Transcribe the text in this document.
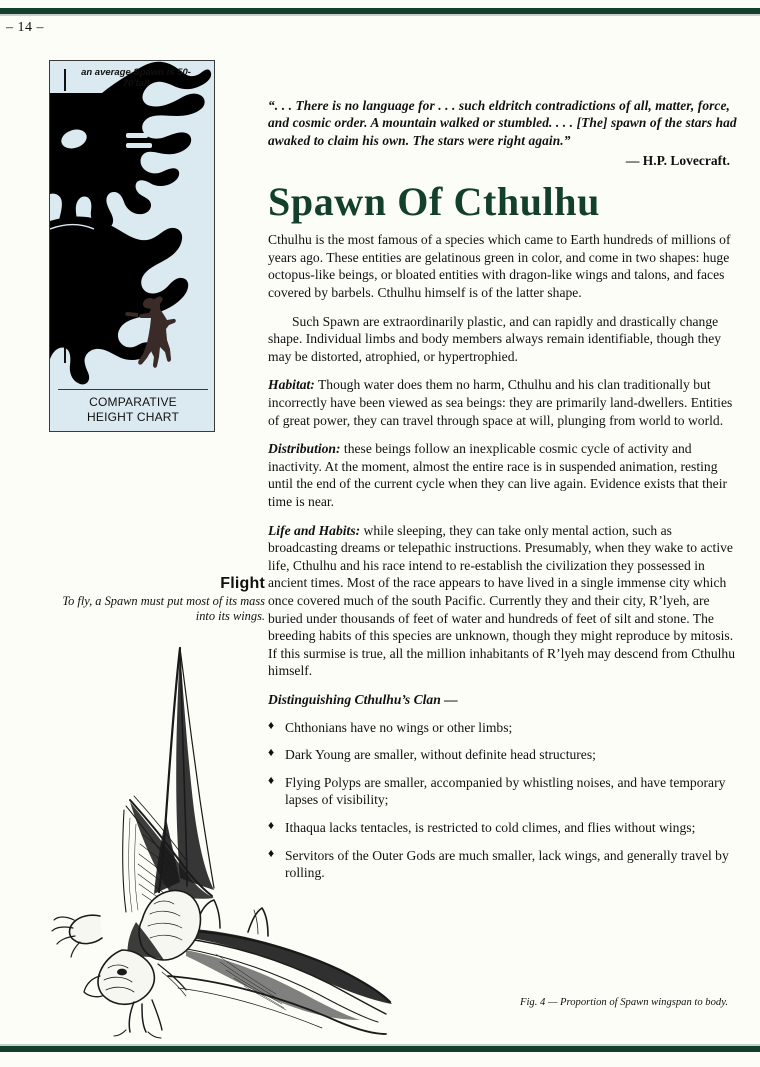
– 14 –
an average Spawn is 50-70'tall
COMPARATIVE
HEIGHT CHART

“. . . There is no language for . . . such eldritch contradictions of all, matter, force, and cosmic order. A mountain walked or stumbled. . . . [The] spawn of the stars had awaked to claim his own. The stars were right again.”

— H.P. Lovecraft.

Spawn Of Cthulhu

Cthulhu is the most famous of a species which came to Earth hundreds of millions of years ago. These entities are gelatinous green in color, and come in two shapes: huge octopus-like beings, or bloated entities with dragon-like wings and talons, and faces covered by barbels. Cthulhu himself is of the latter shape.

Such Spawn are extraordinarily plastic, and can rapidly and drastically change shape. Individual limbs and body members always remain identifiable, though they may be distorted, atrophied, or hypertrophied.

Habitat: Though water does them no harm, Cthulhu and his clan traditionally but incorrectly have been viewed as sea beings: they are primarily land-dwellers. Entities of great power, they can travel through space at will, plunging from world to world.

Distribution: these beings follow an inexplicable cosmic cycle of activity and inactivity. At the moment, almost the entire race is in suspended animation, resting until the end of the current cycle when they can live again. Evidence exists that their time is near.

Life and Habits: while sleeping, they can take only mental action, such as broadcasting dreams or telepathic instructions. Presumably, when they wake to active life, Cthulhu and his race intend to re-establish the civilization they possessed in ancient times. Most of the race appears to have lived in a single immense city which once covered much of the south Pacific. Currently they and their city, R’lyeh, are buried under thousands of feet of water and hundreds of feet of silt and stone. The breeding habits of this species are unknown, though they might reproduce by mitosis. If this surmise is true, all the million inhabitants of R’lyeh may descend from Cthulhu himself.

Distinguishing Cthulhu’s Clan —

♦ Chthonians have no wings or other limbs;
♦ Dark Young are smaller, without definite head structures;
♦ Flying Polyps are smaller, accompanied by whistling noises, and have temporary lapses of visibility;
♦ Ithaqua lacks tentacles, is restricted to cold climes, and flies without wings;
♦ Servitors of the Outer Gods are much smaller, lack wings, and generally travel by rolling.

Flight

To fly, a Spawn must put most of its mass into its wings.

Fig. 4 — Proportion of Spawn wingspan to body.
